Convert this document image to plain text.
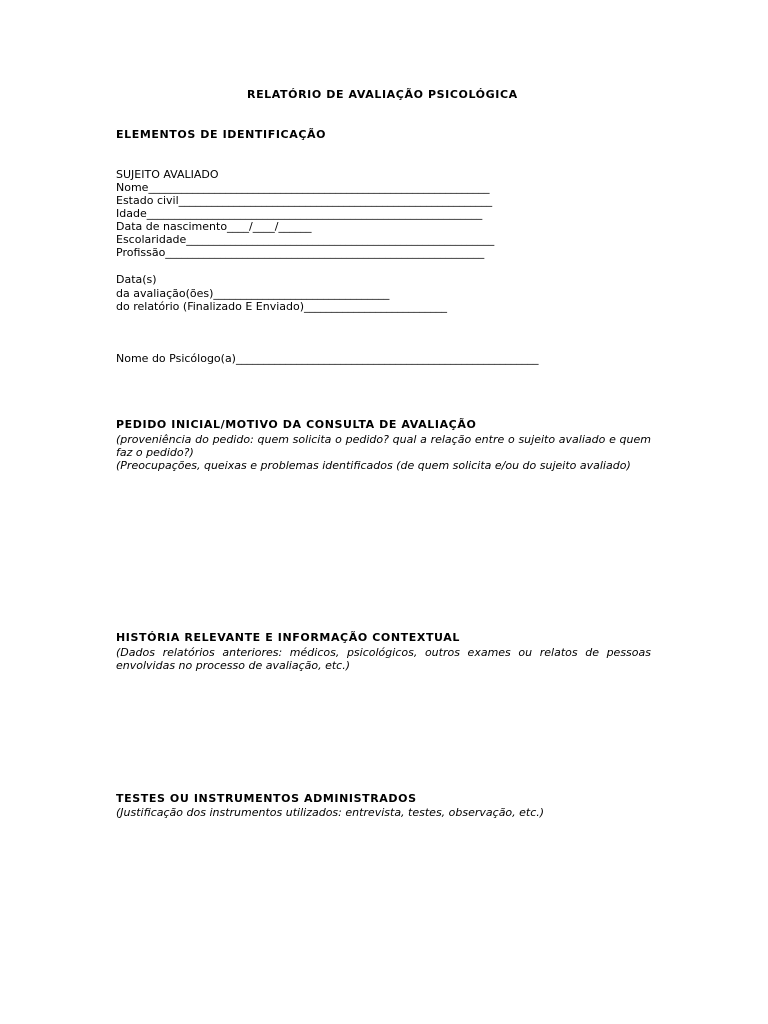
RELATÓRIO DE AVALIAÇÃO PSICOLÓGICA
ELEMENTOS DE IDENTIFICAÇÃO
SUJEITO AVALIADO
Nome______________________________________________________________
Estado civil_________________________________________________________
Idade_____________________________________________________________
Data de nascimento____/____/______
Escolaridade________________________________________________________
Profissão__________________________________________________________
Data(s)
da avaliação(ões)________________________________
do relatório (Finalizado E Enviado)__________________________
Nome do Psicólogo(a)_______________________________________________________
PEDIDO INICIAL/MOTIVO DA CONSULTA DE AVALIAÇÃO
(proveniência do pedido: quem solicita o pedido? qual a relação entre o sujeito avaliado e quem faz o pedido?)
(Preocupações, queixas e problemas identificados (de quem solicita e/ou do sujeito avaliado)
HISTÓRIA RELEVANTE E INFORMAÇÃO CONTEXTUAL
(Dados relatórios anteriores: médicos, psicológicos, outros exames ou relatos de pessoas envolvidas no processo de avaliação, etc.)
TESTES OU INSTRUMENTOS ADMINISTRADOS
(Justificação dos instrumentos utilizados: entrevista, testes, observação, etc.)
